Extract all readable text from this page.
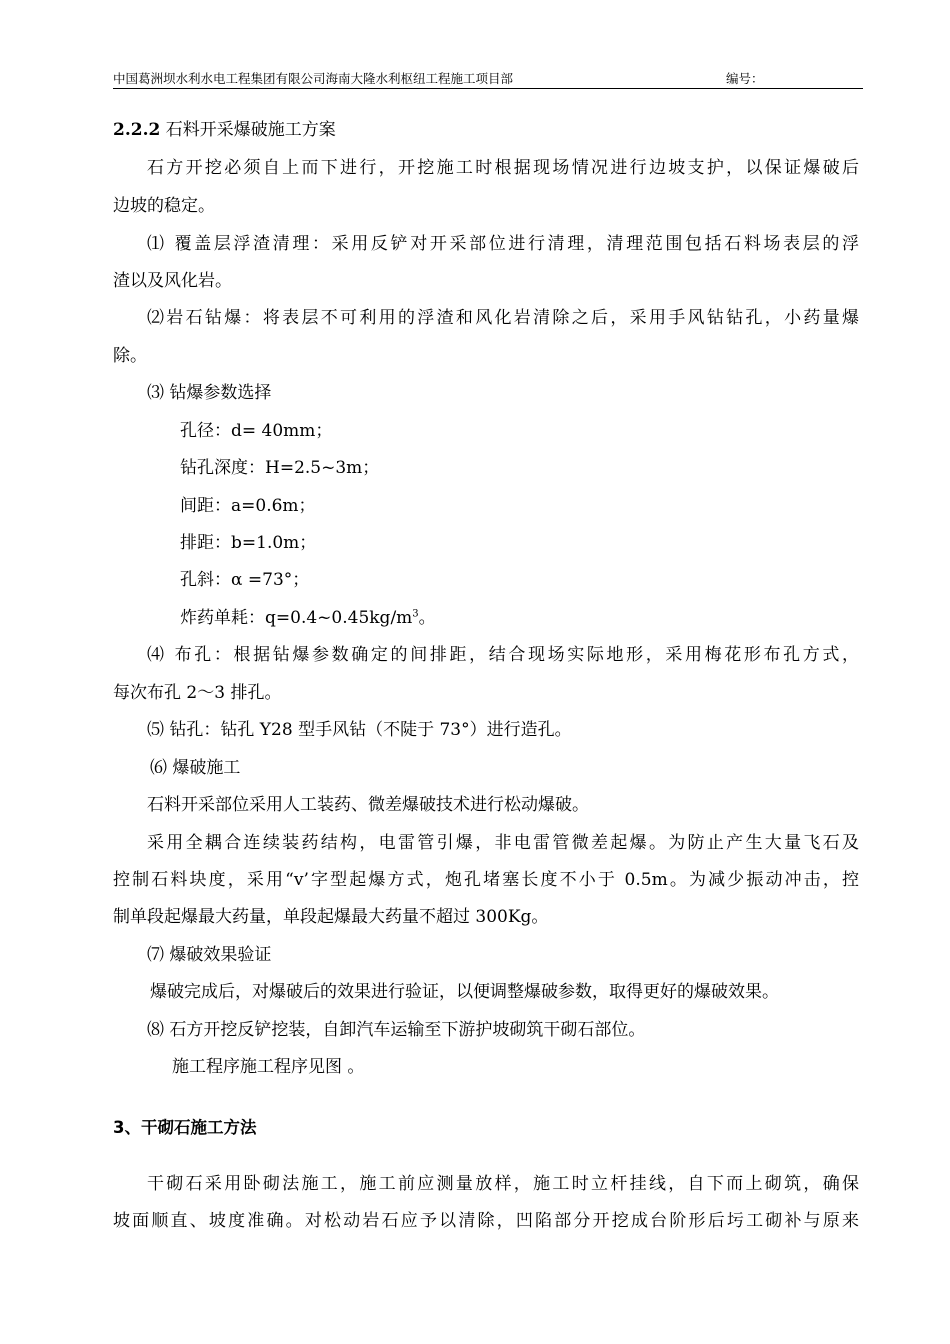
中国葛洲坝水利水电工程集团有限公司海南大隆水利枢纽工程施工项目部	编号：
2.2.2 石料开采爆破施工方案
石方开挖必须自上而下进行，开挖施工时根据现场情况进行边坡支护，以保证爆破后
边坡的稳定。
⑴ 覆盖层浮渣清理：采用反铲对开采部位进行清理，清理范围包括石料场表层的浮
渣以及风化岩。
⑵岩石钻爆：将表层不可利用的浮渣和风化岩清除之后，采用手风钻钻孔，小药量爆
除。
⑶ 钻爆参数选择
孔径：d= 40mm；
钻孔深度：H=2.5~3m；
间距：a=0.6m；
排距：b=1.0m；
孔斜：α =73°；
炸药单耗：$q=0.4\sim 0.45kg/m^3$。
⑷ 布孔：根据钻爆参数确定的间排距，结合现场实际地形，采用梅花形布孔方式，
每次布孔 2～3 排孔。
⑸ 钻孔：钻孔 Y28 型手风钻（不陡于 73°）进行造孔。
⑹ 爆破施工
石料开采部位采用人工装药、微差爆破技术进行松动爆破。
采用全耦合连续装药结构，电雷管引爆，非电雷管微差起爆。为防止产生大量飞石及
控制石料块度，采用“v’字型起爆方式，炮孔堵塞长度不小于 0.5m。为减少振动冲击，控
制单段起爆最大药量，单段起爆最大药量不超过 300Kg。
⑺ 爆破效果验证
爆破完成后，对爆破后的效果进行验证，以便调整爆破参数，取得更好的爆破效果。
⑻ 石方开挖反铲挖装，自卸汽车运输至下游护坡砌筑干砌石部位。
施工程序施工程序见图 。
3、干砌石施工方法
干砌石采用卧砌法施工，施工前应测量放样，施工时立杆挂线，自下而上砌筑，确保
坡面顺直、坡度准确。对松动岩石应予以清除，凹陷部分开挖成台阶形后圬工砌补与原来
